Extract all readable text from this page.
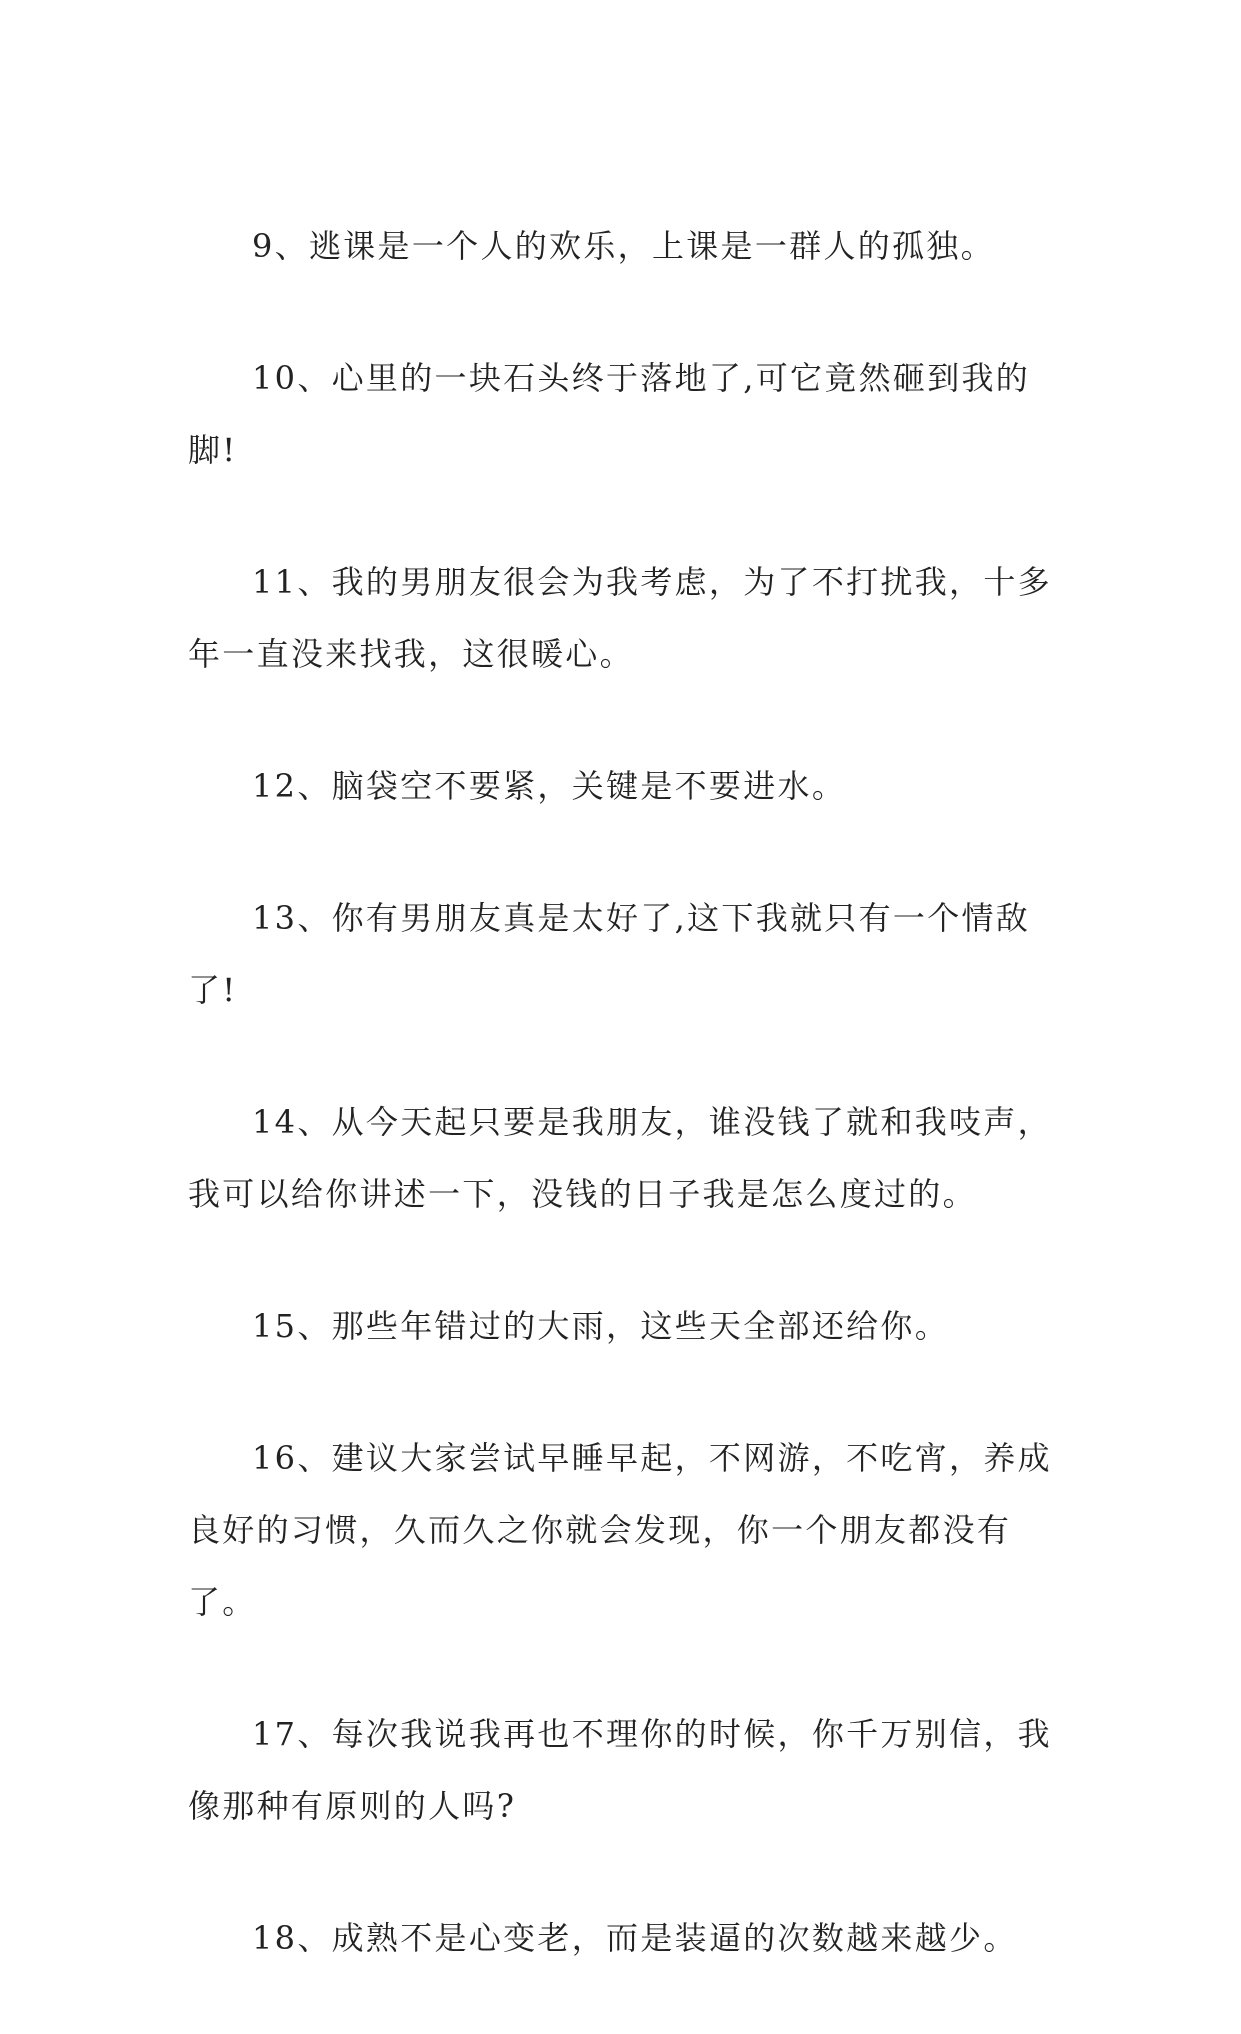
9、逃课是一个人的欢乐，上课是一群人的孤独。

10、心里的一块石头终于落地了,可它竟然砸到我的脚!

11、我的男朋友很会为我考虑，为了不打扰我，十多年一直没来找我，这很暖心。

12、脑袋空不要紧，关键是不要进水。

13、你有男朋友真是太好了,这下我就只有一个情敌了!

14、从今天起只要是我朋友，谁没钱了就和我吱声，我可以给你讲述一下，没钱的日子我是怎么度过的。

15、那些年错过的大雨，这些天全部还给你。

16、建议大家尝试早睡早起，不网游，不吃宵，养成良好的习惯，久而久之你就会发现，你一个朋友都没有了。

17、每次我说我再也不理你的时候，你千万别信，我像那种有原则的人吗?

18、成熟不是心变老，而是装逼的次数越来越少。
